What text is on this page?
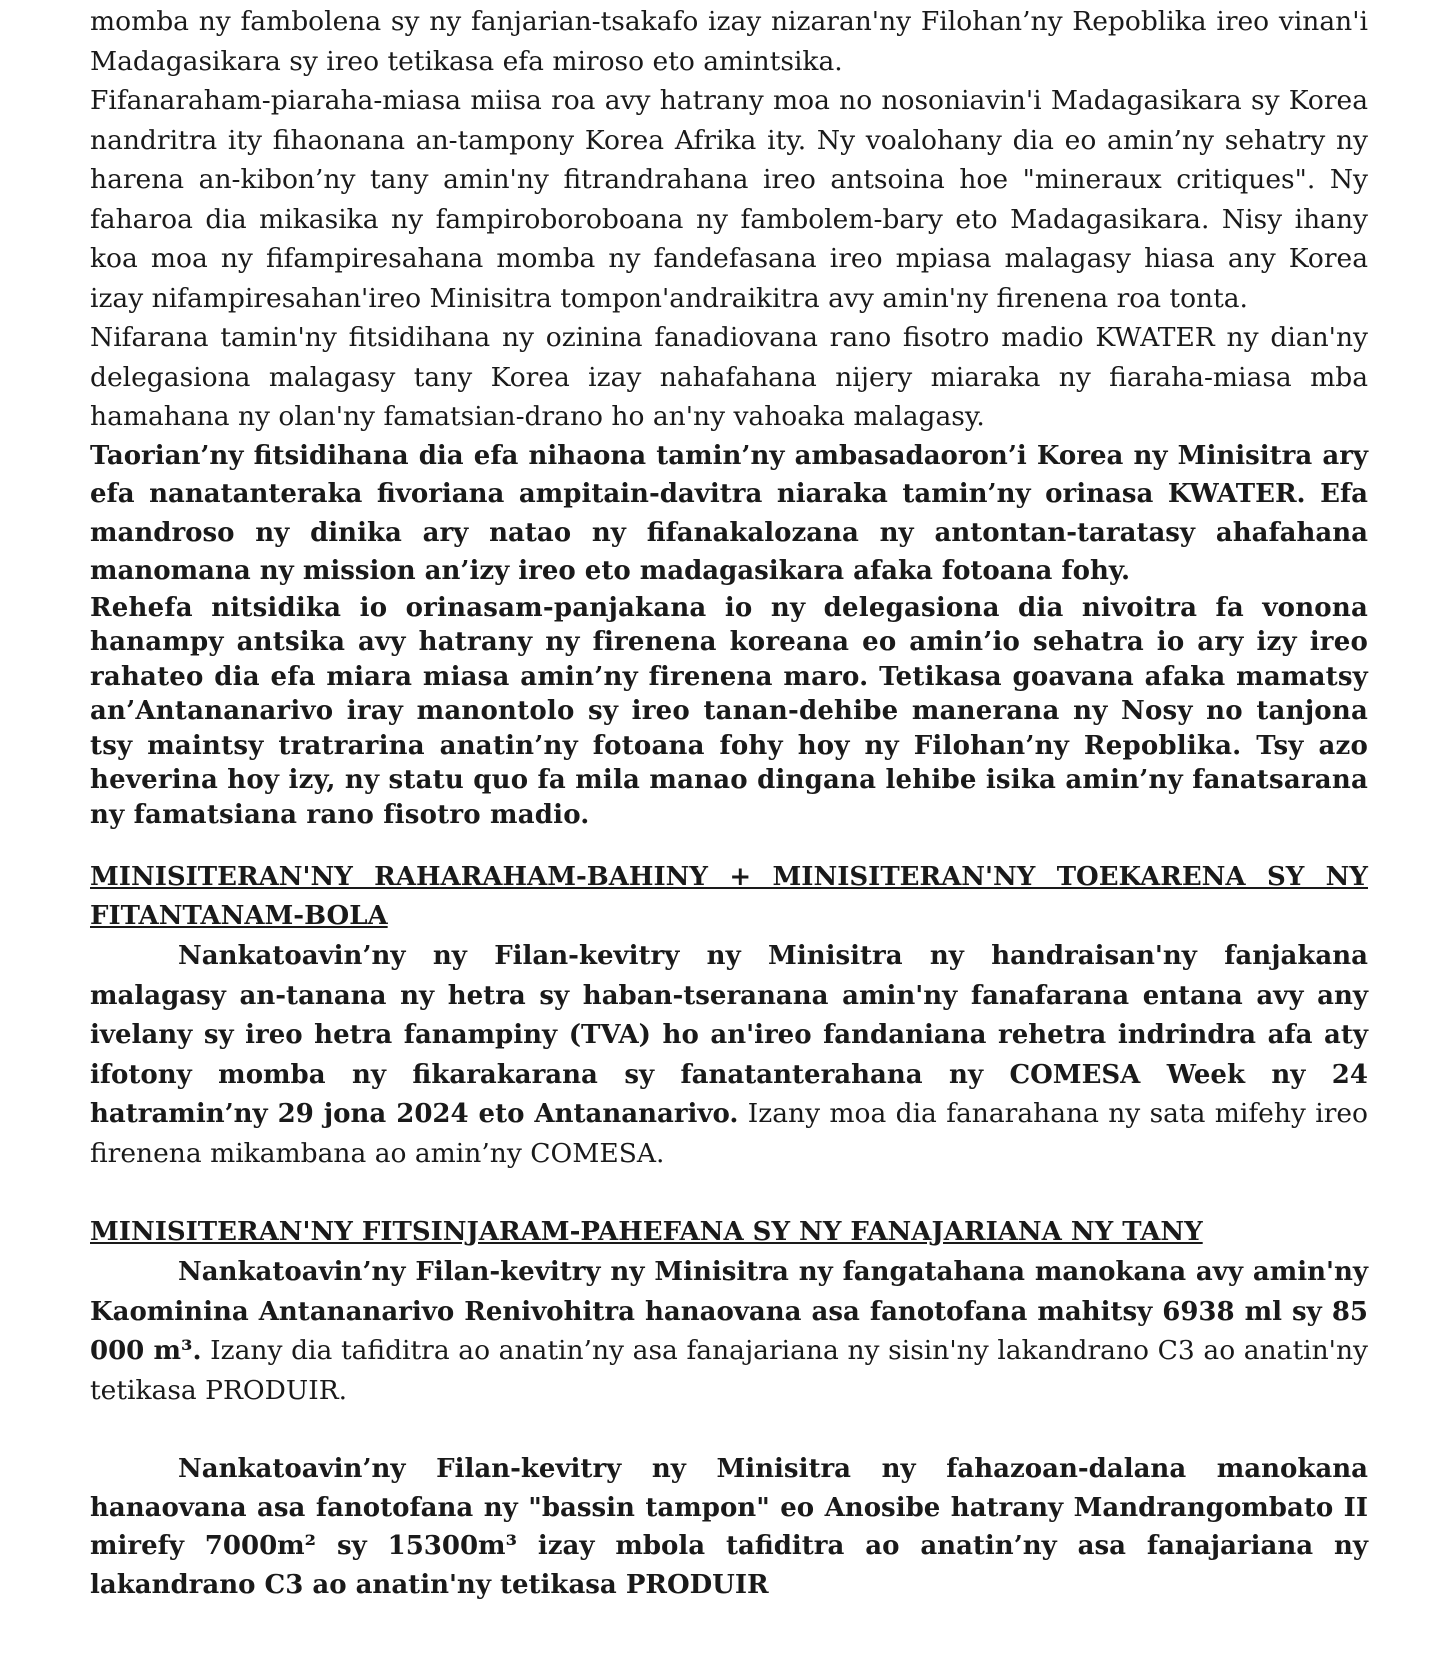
momba ny fambolena sy ny fanjarian-tsakafo izay nizaran'ny Filohan’ny Repoblika ireo vinan'i Madagasikara sy ireo tetikasa efa miroso eto amintsika.

Fifanaraham-piaraha-miasa miisa roa avy hatrany moa no nosoniavin'i Madagasikara sy Korea nandritra ity fihaonana an-tampony Korea Afrika ity. Ny voalohany dia eo amin’ny sehatry ny harena an-kibon’ny tany amin'ny fitrandrahana ireo antsoina hoe "mineraux critiques". Ny faharoa dia mikasika ny fampiroboroboana ny fambolem-bary eto Madagasikara. Nisy ihany koa moa ny fifampiresahana momba ny fandefasana ireo mpiasa malagasy hiasa any Korea izay nifampiresahan'ireo Minisitra tompon'andraikitra avy amin'ny firenena roa tonta.

Nifarana tamin'ny fitsidihana ny ozinina fanadiovana rano fisotro madio KWATER ny dian'ny delegasiona malagasy tany Korea izay nahafahana nijery miaraka ny fiaraha-miasa mba hamahana ny olan'ny famatsian-drano ho an'ny vahoaka malagasy.

Taorian’ny fitsidihana dia efa nihaona tamin’ny ambasadaoron’i Korea ny Minisitra ary efa nanatanteraka fivoriana ampitain-davitra niaraka tamin’ny orinasa KWATER. Efa mandroso ny dinika ary natao ny fifanakalozana ny antontan-taratasy ahafahana manomana ny mission an’izy ireo eto madagasikara afaka fotoana fohy.

Rehefa nitsidika io orinasam-panjakana io ny delegasiona dia nivoitra fa vonona hanampy antsika avy hatrany ny firenena koreana eo amin’io sehatra io ary izy ireo rahateo dia efa miara miasa amin’ny firenena maro. Tetikasa goavana afaka mamatsy an’Antananarivo iray manontolo sy ireo tanan-dehibe manerana ny Nosy no tanjona tsy maintsy tratrarina anatin’ny fotoana fohy hoy ny Filohan’ny Repoblika. Tsy azo heverina hoy izy, ny statu quo fa mila manao dingana lehibe isika amin’ny fanatsarana ny famatsiana rano fisotro madio.

MINISITERAN'NY RAHARAHAM-BAHINY + MINISITERAN'NY TOEKARENA SY NY FITANTANAM-BOLA

Nankatoavin’ny ny Filan-kevitry ny Minisitra ny handraisan'ny fanjakana malagasy an-tanana ny hetra sy haban-tseranana amin'ny fanafarana entana avy any ivelany sy ireo hetra fanampiny (TVA) ho an'ireo fandaniana rehetra indrindra afa aty ifotony momba ny fikarakarana sy fanatanterahana ny COMESA Week ny 24 hatramin’ny 29 jona 2024 eto Antananarivo. Izany moa dia fanarahana ny sata mifehy ireo firenena mikambana ao amin’ny COMESA.

MINISITERAN'NY FITSINJARAM-PAHEFANA SY NY FANAJARIANA NY TANY

Nankatoavin’ny Filan-kevitry ny Minisitra ny fangatahana manokana avy amin'ny Kaominina Antananarivo Renivohitra hanaovana asa fanotofana mahitsy 6938 ml sy 85 000 m³. Izany dia tafiditra ao anatin’ny asa fanajariana ny sisin'ny lakandrano C3 ao anatin'ny tetikasa PRODUIR.

Nankatoavin’ny Filan-kevitry ny Minisitra ny fahazoan-dalana manokana hanaovana asa fanotofana ny "bassin tampon" eo Anosibe hatrany Mandrangombato II mirefy 7000m² sy 15300m³ izay mbola tafiditra ao anatin’ny asa fanajariana ny lakandrano C3 ao anatin'ny tetikasa PRODUIR
